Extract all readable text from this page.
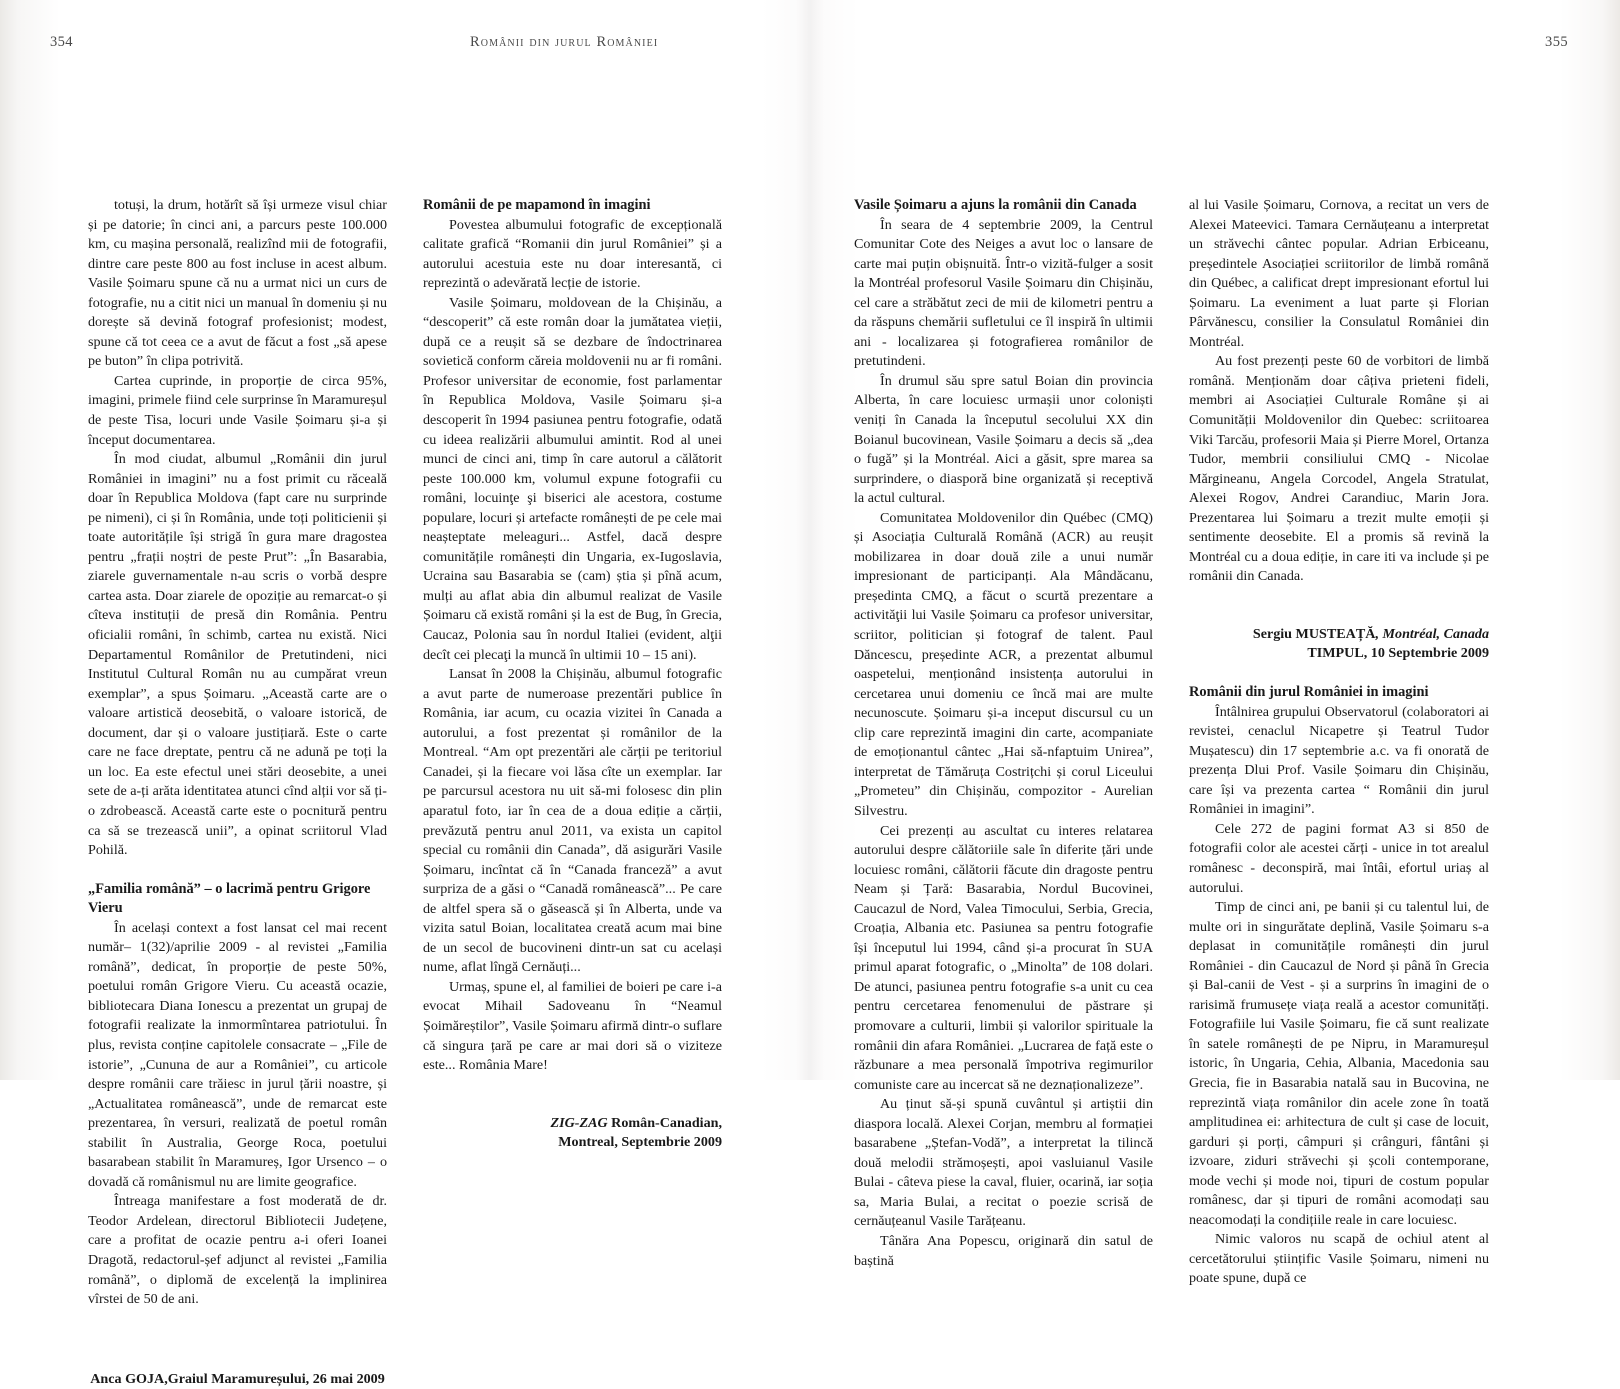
354	Românii din jurul României

totuși, la drum, hotărît să își urmeze visul chiar și pe datorie; în cinci ani, a parcurs peste 100.000 km, cu mașina personală, realizînd mii de fotografii, dintre care peste 800 au fost incluse in acest album. Vasile Șoimaru spune că nu a urmat nici un curs de fotografie, nu a citit nici un manual în domeniu și nu dorește să devină fotograf profesionist; modest, spune că tot ceea ce a avut de făcut a fost „să apese pe buton” în clipa potrivită.

Cartea cuprinde, in proporție de circa 95%, imagini, primele fiind cele surprinse în Maramureșul de peste Tisa, locuri unde Vasile Șoimaru și-a și început documentarea.

În mod ciudat, albumul „Românii din jurul României in imagini” nu a fost primit cu răceală doar în Republica Moldova (fapt care nu surprinde pe nimeni), ci și în România, unde toți politicienii și toate autoritățile își strigă în gura mare dragostea pentru „frații noștri de peste Prut”: „În Basarabia, ziarele guvernamentale n-au scris o vorbă despre cartea asta. Doar ziarele de opoziție au remarcat-o și cîteva instituții de presă din România. Pentru oficialii români, în schimb, cartea nu există. Nici Departamentul Românilor de Pretutindeni, nici Institutul Cultural Român nu au cumpărat vreun exemplar”, a spus Șoimaru. „Această carte are o valoare artistică deosebită, o valoare istorică, de document, dar și o valoare justițiară. Este o carte care ne face dreptate, pentru că ne adună pe toți la un loc. Ea este efectul unei stări deosebite, a unei sete de a-ți arăta identitatea atunci cînd alții vor să ți-o zdrobească. Această carte este o pocnitură pentru ca să se trezească unii”, a opinat scriitorul Vlad Pohilă.

„Familia română” – o lacrimă pentru Grigore Vieru

În același context a fost lansat cel mai recent număr– 1(32)/aprilie 2009 - al revistei „Familia română”, dedicat, în proporție de peste 50%, poetului român Grigore Vieru. Cu această ocazie, bibliotecara Diana Ionescu a prezentat un grupaj de fotografii realizate la inmormîntarea patriotului. În plus, revista conține capitolele consacrate – „File de istorie”, „Cununa de aur a României”, cu articole despre românii care trăiesc in jurul țării noastre, și „Actualitatea românească”, unde de remarcat este prezentarea, în versuri, realizată de poetul român stabilit în Australia, George Roca, poetului basarabean stabilit în Maramureș, Igor Ursenco – o dovadă că românismul nu are limite geografice.

Întreaga manifestare a fost moderată de dr. Teodor Ardelean, directorul Bibliotecii Județene, care a profitat de ocazie pentru a-i oferi Ioanei Dragotă, redactorul-șef adjunct al revistei „Familia română”, o diplomă de excelență la implinirea vîrstei de 50 de ani.

Anca GOJA,Graiul Maramureșului, 26 mai 2009

Românii de pe mapamond în imagini

Povestea albumului fotografic de excepțională calitate grafică “Romanii din jurul României” și a autorului acestuia este nu doar interesantă, ci reprezintă o adevărată lecție de istorie.

Vasile Șoimaru, moldovean de la Chișinău, a “descoperit” că este român doar la jumătatea vieții, după ce a reușit să se dezbare de îndoctrinarea sovietică conform căreia moldovenii nu ar fi români. Profesor universitar de economie, fost parlamentar în Republica Moldova, Vasile Șoimaru și-a descoperit în 1994 pasiunea pentru fotografie, odată cu ideea realizării albumului amintit. Rod al unei munci de cinci ani, timp în care autorul a călătorit peste 100.000 km, volumul expune fotografii cu români, locuinţe şi biserici ale acestora, costume populare, locuri și artefacte românești de pe cele mai neașteptate meleaguri... Astfel, dacă despre comunitățile românești din Ungaria, ex-Iugoslavia, Ucraina sau Basarabia se (cam) știa și pînă acum, mulți au aflat abia din albumul realizat de Vasile Șoimaru că există români și la est de Bug, în Grecia, Caucaz, Polonia sau în nordul Italiei (evident, alţii decît cei plecaţi la muncă în ultimii 10 – 15 ani).

Lansat în 2008 la Chișinău, albumul fotografic a avut parte de numeroase prezentări publice în România, iar acum, cu ocazia vizitei în Canada a autorului, a fost prezentat și românilor de la Montreal. “Am opt prezentări ale cărții pe teritoriul Canadei, și la fiecare voi lăsa cîte un exemplar. Iar pe parcursul acestora nu uit să-mi folosesc din plin aparatul foto, iar în cea de a doua ediție a cărții, prevăzută pentru anul 2011, va exista un capitol special cu românii din Canada”, dă asigurări Vasile Șoimaru, incîntat că în “Canada franceză” a avut surpriza de a găsi o “Canadă românească”... Pe care de altfel spera să o găsească și în Alberta, unde va vizita satul Boian, localitatea creată acum mai bine de un secol de bucovineni dintr-un sat cu același nume, aflat lîngă Cernăuți...

Urmaș, spune el, al familiei de boieri pe care i-a evocat Mihail Sadoveanu în “Neamul Șoimăreștilor”, Vasile Șoimaru afirmă dintr-o suflare că singura țară pe care ar mai dori să o viziteze este... România Mare!

ZIG-ZAG Român-Canadian,
Montreal, Septembrie 2009

355
Vasile Șoimaru a ajuns la românii din Canada

În seara de 4 septembrie 2009, la Centrul Comunitar Cote des Neiges a avut loc o lansare de carte mai puțin obișnuită. Într-o vizită-fulger a sosit la Montréal profesorul Vasile Șoimaru din Chișinău, cel care a străbătut zeci de mii de kilometri pentru a da răspuns chemării sufletului ce îl inspiră în ultimii ani - localizarea și fotografierea românilor de pretutindeni.

În drumul său spre satul Boian din provincia Alberta, în care locuiesc urmașii unor coloniști veniți în Canada la începutul secolului XX din Boianul bucovinean, Vasile Șoimaru a decis să „dea o fugă” și la Montréal. Aici a găsit, spre marea sa surprindere, o diasporă bine organizată și receptivă la actul cultural.

Comunitatea Moldovenilor din Québec (CMQ) și Asociația Culturală Română (ACR) au reușit mobilizarea in doar două zile a unui număr impresionant de participanți. Ala Mândăcanu, președinta CMQ, a făcut o scurtă prezentare a activităţii lui Vasile Șoimaru ca profesor universitar, scriitor, politician și fotograf de talent. Paul Dăncescu, președinte ACR, a prezentat albumul oaspetelui, menționând insistența autorului in cercetarea unui domeniu ce încă mai are multe necunoscute. Șoimaru și-a inceput discursul cu un clip care reprezintă imagini din carte, acompaniate de emoționantul cântec „Hai să-nfaptuim Unirea”, interpretat de Tămăruța Costrițchi și corul Liceului „Prometeu” din Chișinău, compozitor - Aurelian Silvestru.

Cei prezenți au ascultat cu interes relatarea autorului despre călătoriile sale în diferite țări unde locuiesc români, călătorii făcute din dragoste pentru Neam și Țară: Basarabia, Nordul Bucovinei, Caucazul de Nord, Valea Timocului, Serbia, Grecia, Croația, Albania etc. Pasiunea sa pentru fotografie își începutul lui 1994, când și-a procurat în SUA primul aparat fotografic, o „Minolta” de 108 dolari. De atunci, pasiunea pentru fotografie s-a unit cu cea pentru cercetarea fenomenului de păstrare și promovare a culturii, limbii și valorilor spirituale la românii din afara României. „Lucrarea de față este o răzbunare a mea personală împotriva regimurilor comuniste care au incercat să ne deznaționalizeze”.

Au ținut să-și spună cuvântul și artiștii din diaspora locală. Alexei Corjan, membru al formației basarabene „Ștefan-Vodă”, a interpretat la tilincă două melodii strămoșești, apoi vasluianul Vasile Bulai - câteva piese la caval, fluier, ocarină, iar soția sa, Maria Bulai, a recitat o poezie scrisă de cernăuțeanul Vasile Tarățeanu.

Tânăra Ana Popescu, originară din satul de baștină

al lui Vasile Șoimaru, Cornova, a recitat un vers de Alexei Mateevici. Tamara Cernăuțeanu a interpretat un străvechi cântec popular. Adrian Erbiceanu, președintele Asociației scriitorilor de limbă română din Québec, a calificat drept impresionant efortul lui Șoimaru. La eveniment a luat parte și Florian Pârvănescu, consilier la Consulatul României din Montréal.

Au fost prezenți peste 60 de vorbitori de limbă română. Menționăm doar câțiva prieteni fideli, membri ai Asociației Culturale Române și ai Comunității Moldovenilor din Quebec: scriitoarea Viki Tarcău, profesorii Maia și Pierre Morel, Ortanza Tudor, membrii consiliului CMQ - Nicolae Mărgineanu, Angela Corcodel, Angela Stratulat, Alexei Rogov, Andrei Carandiuc, Marin Jora. Prezentarea lui Șoimaru a trezit multe emoții și sentimente deosebite. El a promis să revină la Montréal cu a doua ediție, in care iti va include și pe românii din Canada.

Sergiu MUSTEAȚĂ, Montréal, Canada
TIMPUL, 10 Septembrie 2009

Românii din jurul României in imagini

Întâlnirea grupului Observatorul (colaboratori ai revistei, cenaclul Nicapetre și Teatrul Tudor Mușatescu) din 17 septembrie a.c. va fi onorată de prezența Dlui Prof. Vasile Șoimaru din Chișinău, care își va prezenta cartea “ Românii din jurul României in imagini”.

Cele 272 de pagini format A3 si 850 de fotografii color ale acestei cărți - unice in tot arealul românesc - deconspiră, mai întâi, efortul uriaș al autorului.

Timp de cinci ani, pe banii și cu talentul lui, de multe ori in singurătate deplină, Vasile Șoimaru s-a deplasat in comunitățile românești din jurul României - din Caucazul de Nord și până în Grecia și Bal-canii de Vest - și a surprins în imagini de o rarisimă frumusețe viața reală a acestor comunități. Fotografiile lui Vasile Șoimaru, fie că sunt realizate în satele românești de pe Nipru, in Maramureșul istoric, în Ungaria, Cehia, Albania, Macedonia sau Grecia, fie in Basarabia natală sau in Bucovina, ne reprezintă viața românilor din acele zone în toată amplitudinea ei: arhitectura de cult și case de locuit, garduri și porți, câmpuri și crânguri, fântâni și izvoare, ziduri străvechi și școli contemporane, mode vechi și mode noi, tipuri de costum popular românesc, dar și tipuri de români acomodați sau neacomodați la condițiile reale in care locuiesc.

Nimic valoros nu scapă de ochiul atent al cercetătorului științific Vasile Șoimaru, nimeni nu poate spune, după ce
